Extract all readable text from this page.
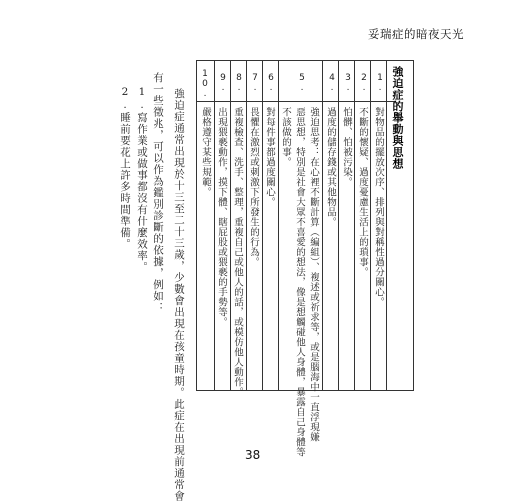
妥瑞症的暗夜天光
強迫症的舉動與思想
1.
對物品的擺放次序、排列與對稱性過分關心。
2.
不斷的懷疑、過度憂慮生活上的瑣事。
3.
怕髒、怕被污染。
4.
過度的儲存錢或其他物品。
5.
強迫思考：在心裡不斷計算（編組）、複述或祈求等，或是腦海中一直浮現嫌
惡思想，特別是社會大眾不喜愛的想法，像是想觸碰他人身體，暴露自己身體等
不該做的事。
6.
對每件事都過度關心。
7.
畏懼在激烈或刺激下所發生的行為。
8.
重複檢查、洗手、整理，重複自己或他人的話，或模仿他人動作。
9.
出現猥褻動作，摸下體、瞎屁股或猥褻的手勢等。
10.
嚴格遵守某些規範。
強迫症通常出現於十三至二十三歲，少數會出現在孩童時期。此症在出現前通常會
有一些徵兆，可以作為鑑別診斷的依據，例如：
1.寫作業或做事都沒有什麼效率。
2.睡前要花上許多時間準備。
38
